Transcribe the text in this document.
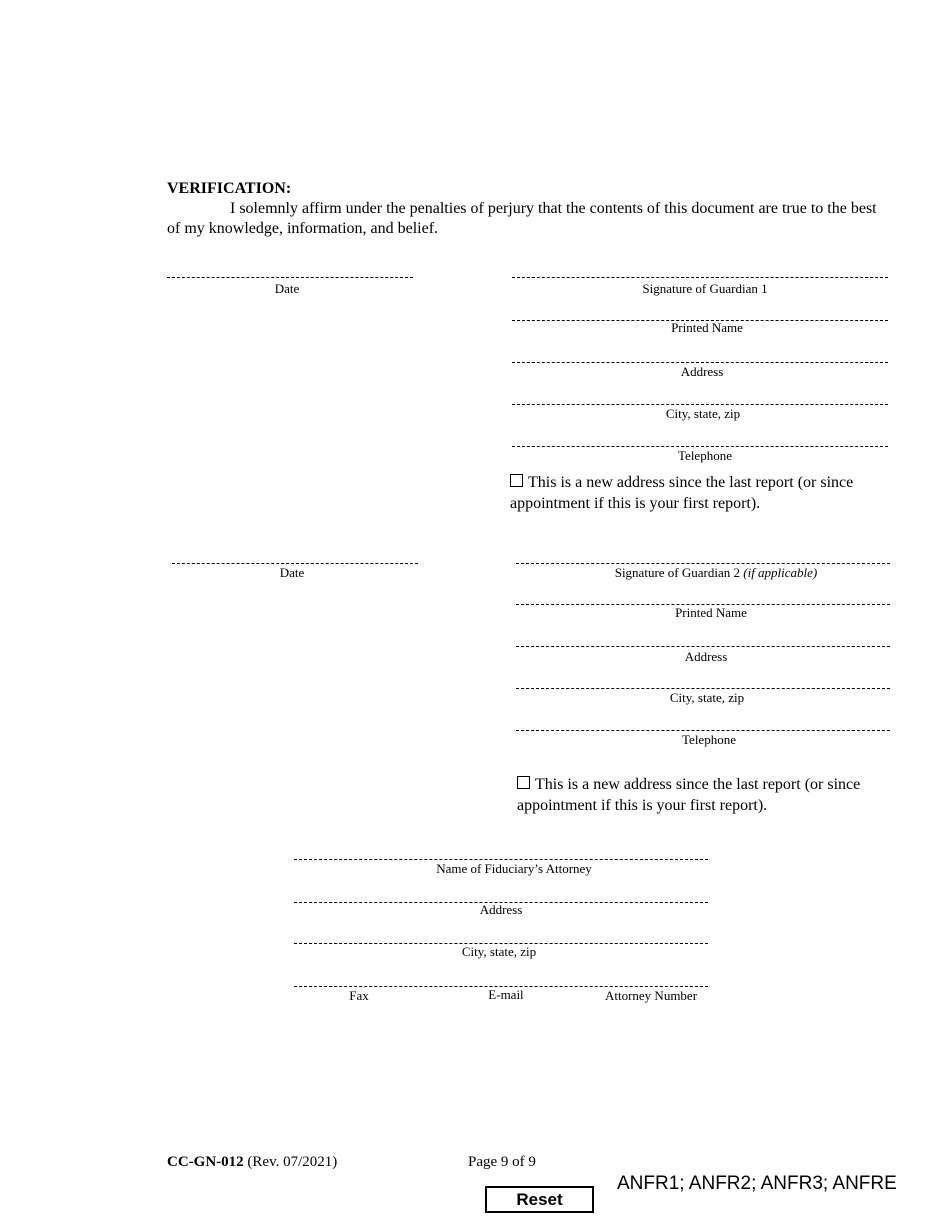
VERIFICATION:
I solemnly affirm under the penalties of perjury that the contents of this document are true to the best of my knowledge, information, and belief.
Date	Signature of Guardian 1
Printed Name
Address
City, state, zip
Telephone
This is a new address since the last report (or since appointment if this is your first report).
Date	Signature of Guardian 2 (if applicable)
Printed Name
Address
City, state, zip
Telephone
This is a new address since the last report (or since appointment if this is your first report).
Name of Fiduciary’s Attorney
Address
City, state, zip
Fax	E-mail	Attorney Number
CC-GN-012 (Rev. 07/2021)	Page 9 of 9
Reset
ANFR1; ANFR2; ANFR3; ANFRE
